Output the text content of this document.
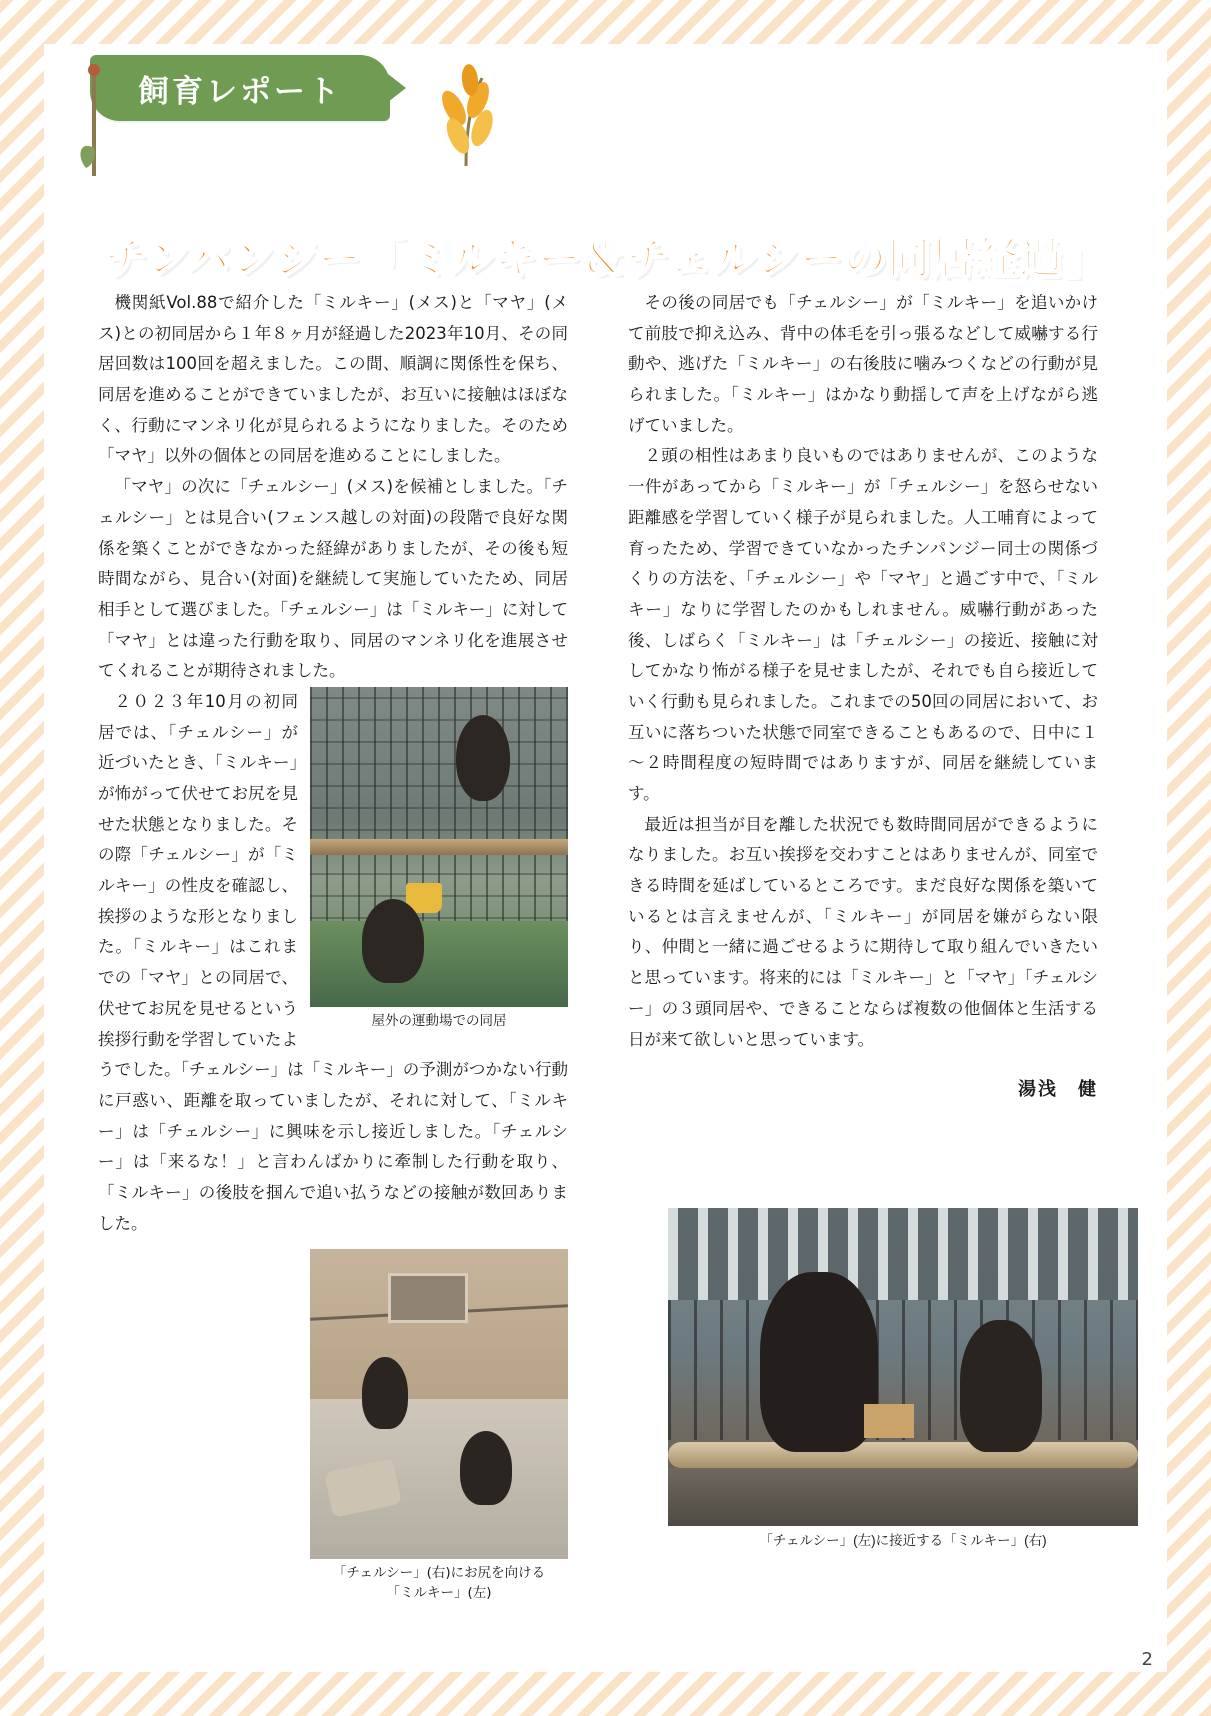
飼育レポート
チンパンジー「ミルキー＆チェルシーの同居経過」

機関紙Vol.88で紹介した「ミルキー」(メス)と「マヤ」(メス)との初同居から１年８ヶ月が経過した2023年10月、その同居回数は100回を超えました。この間、順調に関係性を保ち、同居を進めることができていましたが、お互いに接触はほぼなく、行動にマンネリ化が見られるようになりました。そのため「マヤ」以外の個体との同居を進めることにしました。

「マヤ」の次に「チェルシー」(メス)を候補としました。「チェルシー」とは見合い(フェンス越しの対面)の段階で良好な関係を築くことができなかった経緯がありましたが、その後も短時間ながら、見合い(対面)を継続して実施していたため、同居相手として選びました。「チェルシー」は「ミルキー」に対して「マヤ」とは違った行動を取り、同居のマンネリ化を進展させてくれることが期待されました。

屋外の運動場での同居

２０２３年10月の初同居では、「チェルシー」が近づいたとき、「ミルキー」が怖がって伏せてお尻を見せた状態となりました。その際「チェルシー」が「ミルキー」の性皮を確認し、挨拶のような形となりました。「ミルキー」はこれまでの「マヤ」との同居で、伏せてお尻を見せるという挨拶行動を学習していたようでした。「チェルシー」は「ミルキー」の予測がつかない行動に戸惑い、距離を取っていましたが、それに対して、「ミルキー」は「チェルシー」に興味を示し接近しました。「チェルシー」は「来るな！」と言わんばかりに牽制した行動を取り、「ミルキー」の後肢を掴んで追い払うなどの接触が数回ありました。

「チェルシー」(右)にお尻を向ける
「ミルキー」(左)

その後の同居でも「チェルシー」が「ミルキー」を追いかけて前肢で抑え込み、背中の体毛を引っ張るなどして威嚇する行動や、逃げた「ミルキー」の右後肢に噛みつくなどの行動が見られました。「ミルキー」はかなり動揺して声を上げながら逃げていました。

２頭の相性はあまり良いものではありませんが、このような一件があってから「ミルキー」が「チェルシー」を怒らせない距離感を学習していく様子が見られました。人工哺育によって育ったため、学習できていなかったチンパンジー同士の関係づくりの方法を、「チェルシー」や「マヤ」と過ごす中で、「ミルキー」なりに学習したのかもしれません。威嚇行動があった後、しばらく「ミルキー」は「チェルシー」の接近、接触に対してかなり怖がる様子を見せましたが、それでも自ら接近していく行動も見られました。これまでの50回の同居において、お互いに落ちついた状態で同室できることもあるので、日中に１～２時間程度の短時間ではありますが、同居を継続しています。

最近は担当が目を離した状況でも数時間同居ができるようになりました。お互い挨拶を交わすことはありませんが、同室できる時間を延ばしているところです。まだ良好な関係を築いているとは言えませんが、「ミルキー」が同居を嫌がらない限り、仲間と一緒に過ごせるように期待して取り組んでいきたいと思っています。将来的には「ミルキー」と「マヤ」「チェルシー」の３頭同居や、できることならば複数の他個体と生活する日が来て欲しいと思っています。

湯浅　健
「チェルシー」(左)に接近する「ミルキー」(右)
2
